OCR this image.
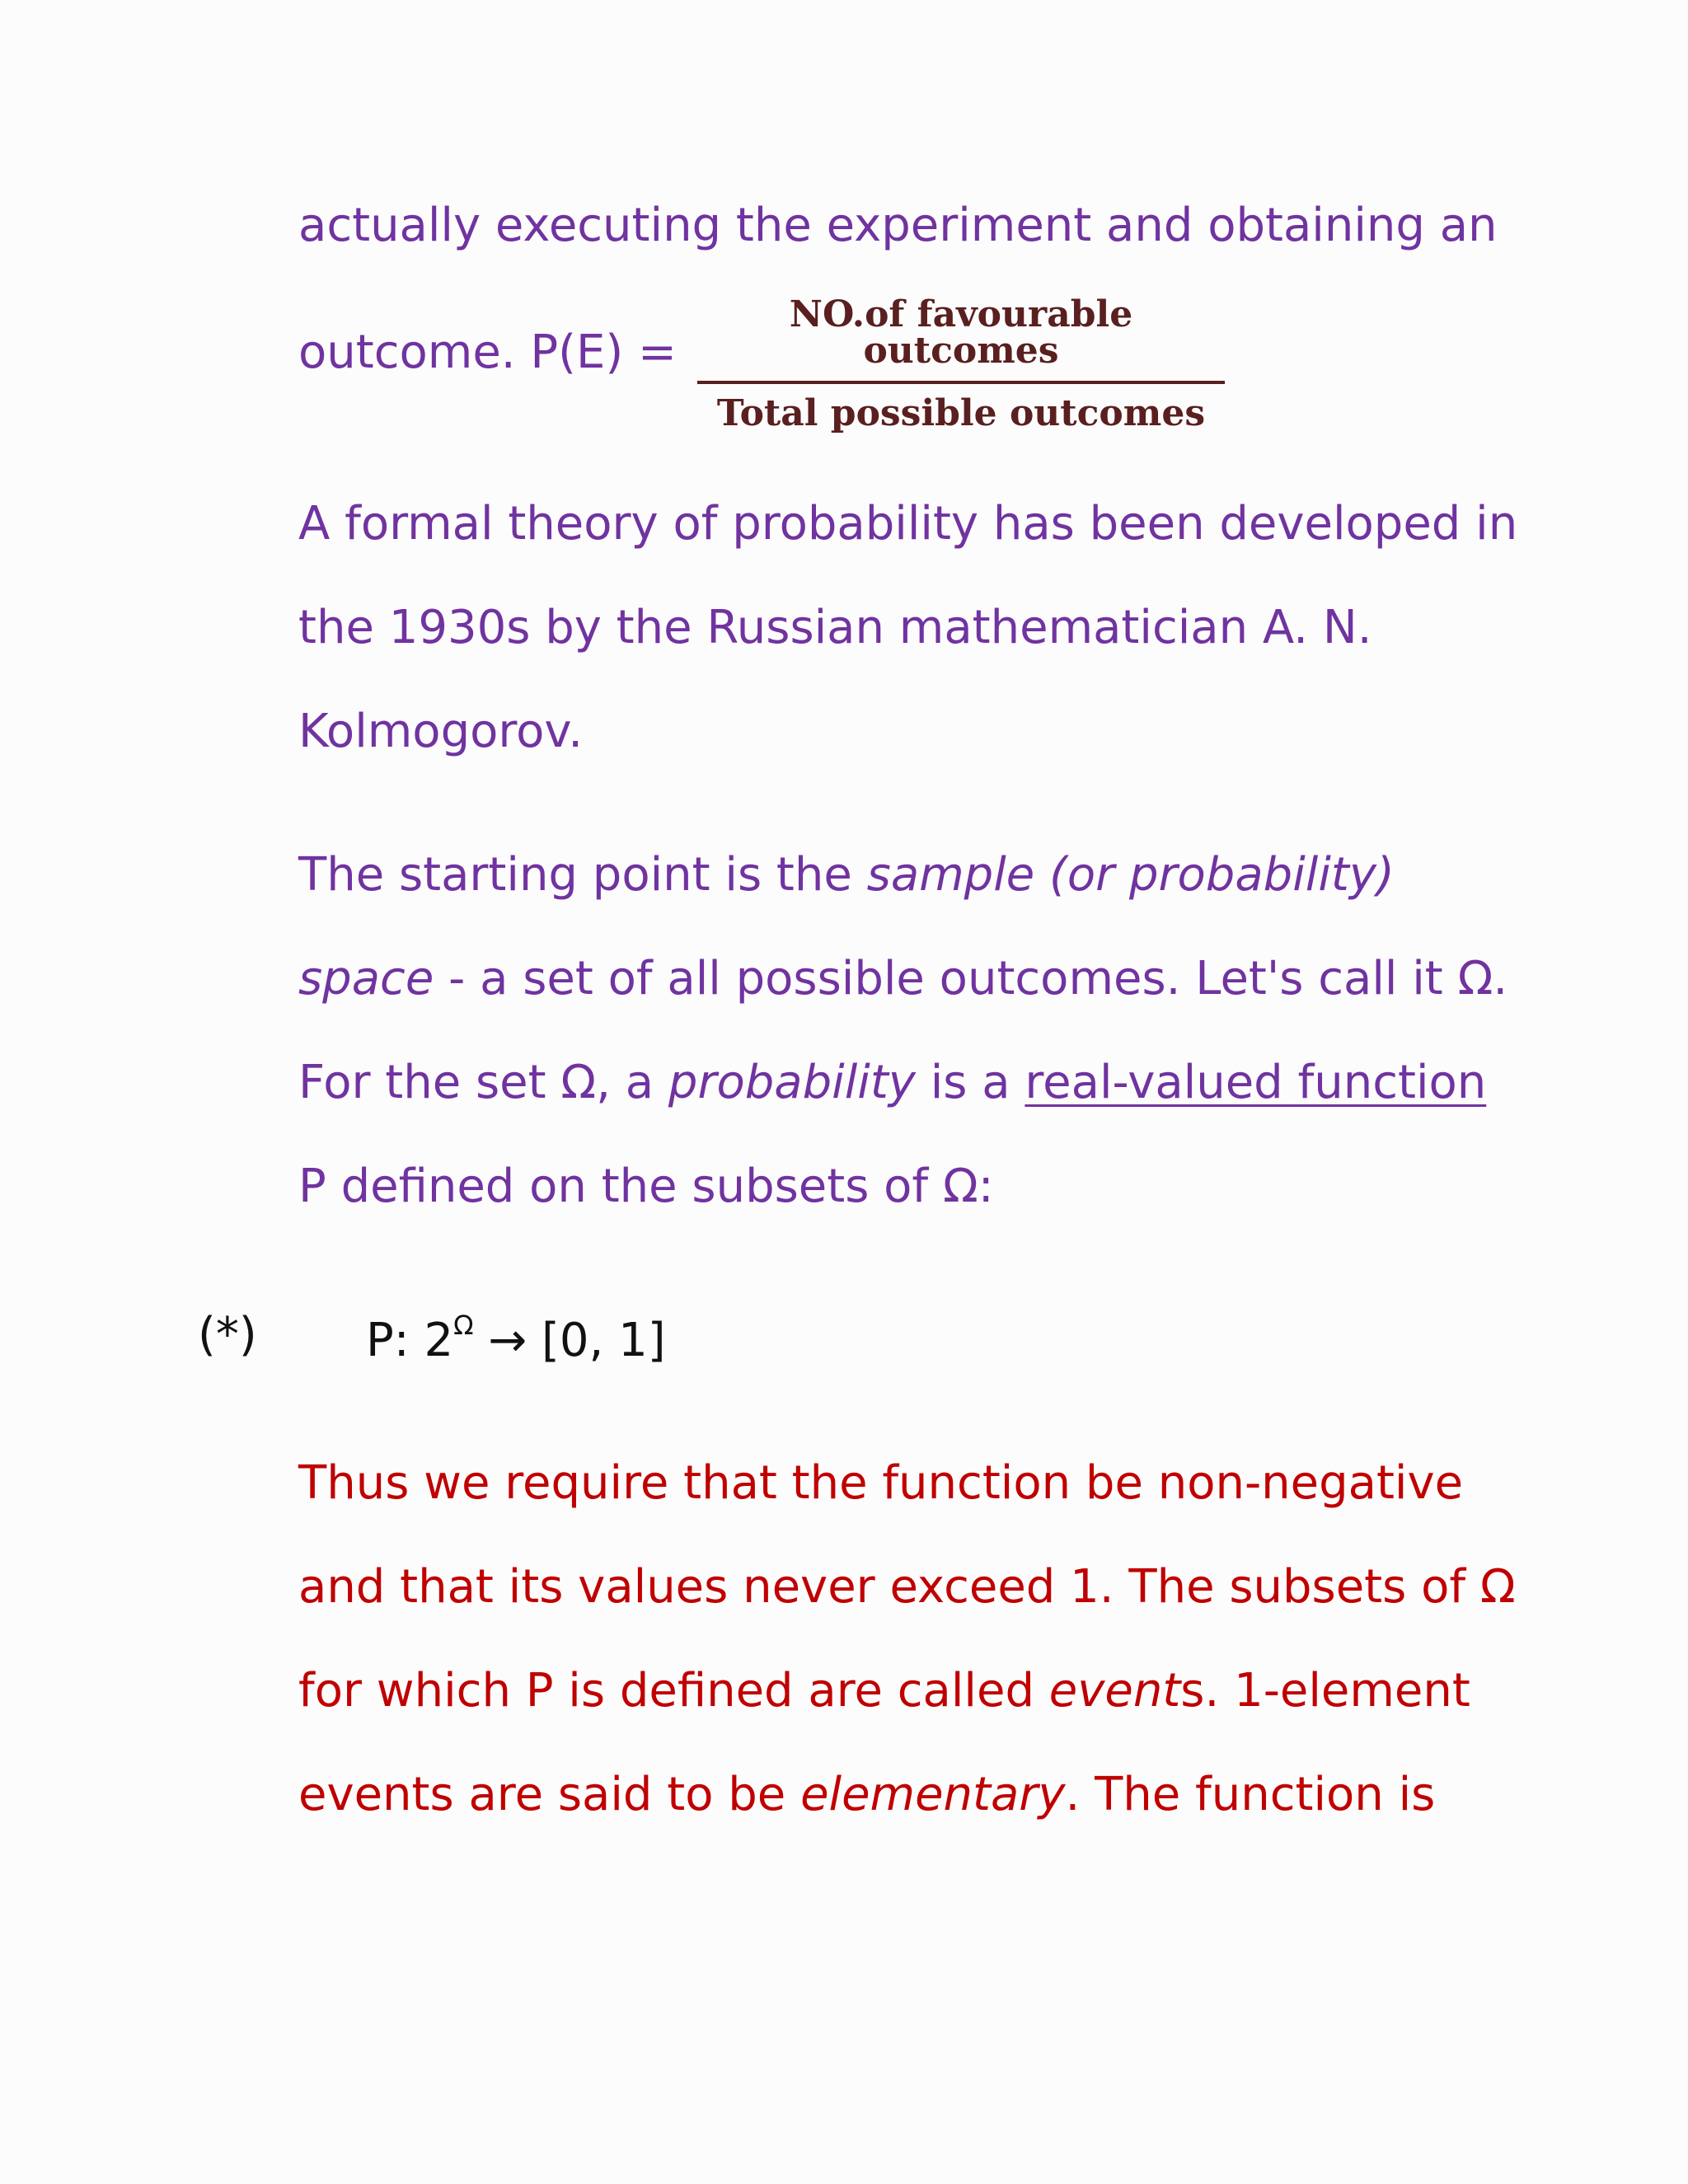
actually executing the experiment and obtaining an
outcome. P(E) =
NO.of favourable outcomes
Total possible outcomes
A formal theory of probability has been developed in
the 1930s by the Russian mathematician A. N.
Kolmogorov.
The starting point is the sample (or probability)
space - a set of all possible outcomes. Let's call it Ω.
For the set Ω, a probability is a real-valued function
P defined on the subsets of Ω:
(*) P: $2^\Omega \to [0$, 1]
Thus we require that the function be non-negative
and that its values never exceed 1. The subsets of Ω
for which P is defined are called events. 1-element
events are said to be elementary. The function is
